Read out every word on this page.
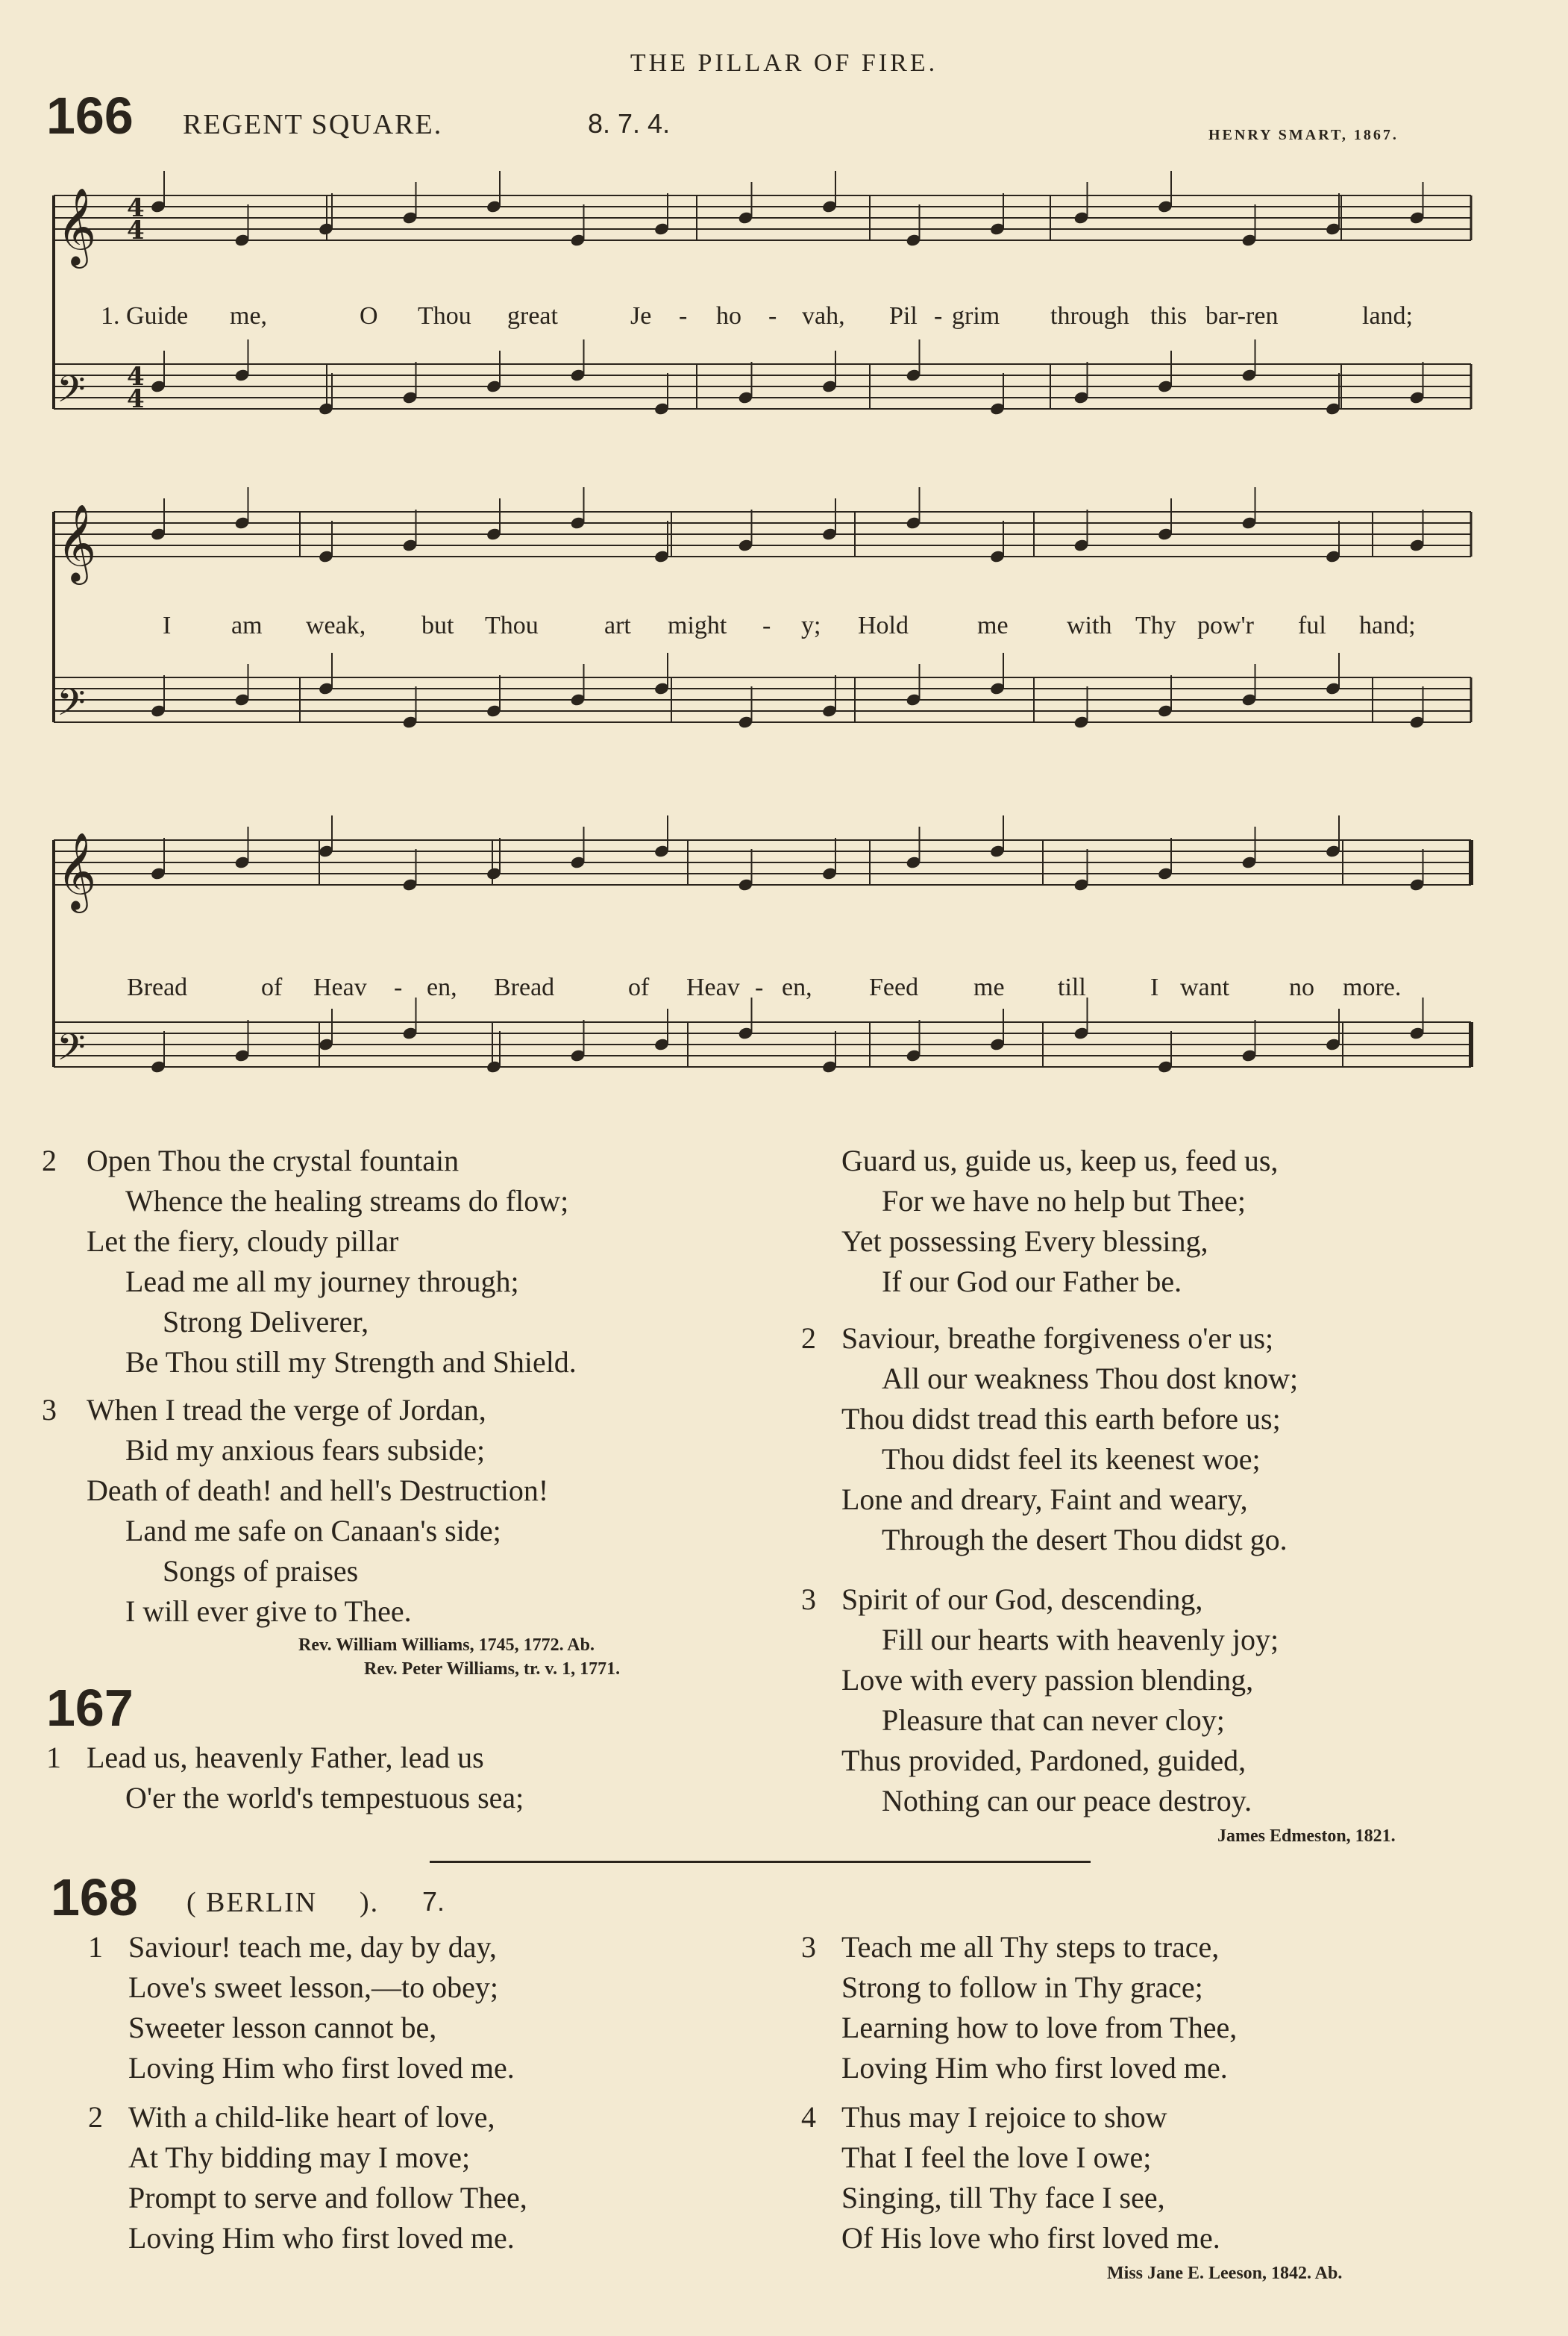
THE PILLAR OF FIRE.
166 REGENT SQUARE.	8. 7. 4.	HENRY SMART, 1867.
𝄞
𝄢
𝄞
𝄢
𝄞
𝄢
4
4
4
4
1. Guide me,	O Thou great	Je - ho - vah, Pil - grim through this bar-ren	land;
I am weak, but Thou	art might - y; Hold	me with Thy pow'r ful hand;
Bread	of Heav - en, Bread	of Heav - en, Feed me till	I want no more.
2 Open Thou the crystal fountain
Whence the healing streams do flow;
Let the fiery, cloudy pillar
Lead me all my journey through;
Strong Deliverer,
Be Thou still my Strength and Shield.
3 When I tread the verge of Jordan,
Bid my anxious fears subside;
Death of death! and hell's Destruction!
Land me safe on Canaan's side;
Songs of praises
I will ever give to Thee.
Rev. William Williams, 1745, 1772. Ab.
Rev. Peter Williams, tr. v. 1, 1771.
167
1 Lead us, heavenly Father, lead us
O'er the world's tempestuous sea;
Guard us, guide us, keep us, feed us,
For we have no help but Thee;
Yet possessing Every blessing,
If our God our Father be.
2 Saviour, breathe forgiveness o'er us;
All our weakness Thou dost know;
Thou didst tread this earth before us;
Thou didst feel its keenest woe;
Lone and dreary, Faint and weary,
Through the desert Thou didst go.
3 Spirit of our God, descending,
Fill our hearts with heavenly joy;
Love with every passion blending,
Pleasure that can never cloy;
Thus provided, Pardoned, guided,
Nothing can our peace destroy.
James Edmeston, 1821.
168 ( BERLIN ). 7.
1 Saviour! teach me, day by day,
Love's sweet lesson,—to obey;
Sweeter lesson cannot be,
Loving Him who first loved me.
2 With a child-like heart of love,
At Thy bidding may I move;
Prompt to serve and follow Thee,
Loving Him who first loved me.
3 Teach me all Thy steps to trace,
Strong to follow in Thy grace;
Learning how to love from Thee,
Loving Him who first loved me.
4 Thus may I rejoice to show
That I feel the love I owe;
Singing, till Thy face I see,
Of His love who first loved me.
Miss Jane E. Leeson, 1842. Ab.
